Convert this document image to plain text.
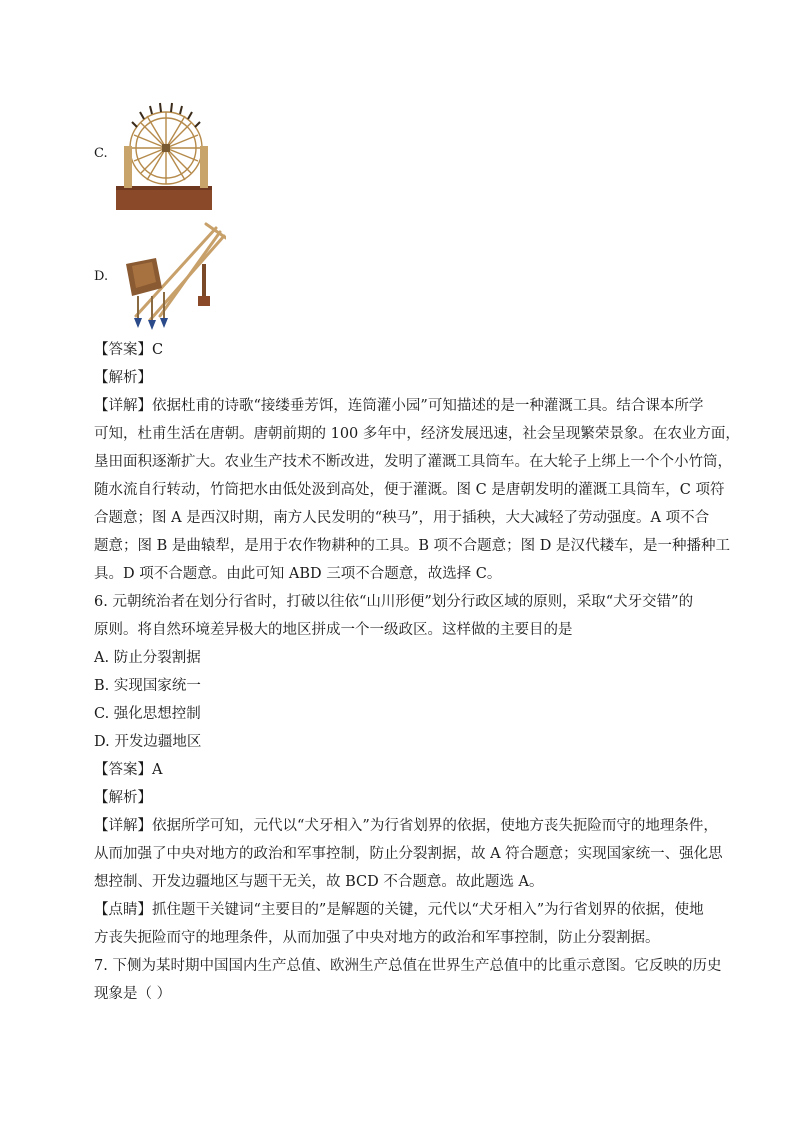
C.
D.
【答案】C
【解析】
【详解】依据杜甫的诗歌“接缕垂芳饵，连筒灌小园”可知描述的是一种灌溉工具。结合课本所学
可知，杜甫生活在唐朝。唐朝前期的 100 多年中，经济发展迅速，社会呈现繁荣景象。在农业方面，
垦田面积逐渐扩大。农业生产技术不断改进，发明了灌溉工具筒车。在大轮子上绑上一个个小竹筒，
随水流自行转动，竹筒把水由低处汲到高处，便于灌溉。图 C 是唐朝发明的灌溉工具筒车，C 项符
合题意；图 A 是西汉时期，南方人民发明的“秧马”，用于插秧，大大减轻了劳动强度。A 项不合
题意；图 B 是曲辕犁，是用于农作物耕种的工具。B 项不合题意；图 D 是汉代耧车，是一种播种工
具。D 项不合题意。由此可知 ABD 三项不合题意，故选择 C。
6. 元朝统治者在划分行省时，打破以往依“山川形便”划分行政区域的原则，采取“犬牙交错”的
原则。将自然环境差异极大的地区拼成一个一级政区。这样做的主要目的是
A. 防止分裂割据
B. 实现国家统一
C. 强化思想控制
D. 开发边疆地区
【答案】A
【解析】
【详解】依据所学可知，元代以“犬牙相入”为行省划界的依据，使地方丧失扼险而守的地理条件，
从而加强了中央对地方的政治和军事控制，防止分裂割据，故 A 符合题意；实现国家统一、强化思
想控制、开发边疆地区与题干无关，故 BCD 不合题意。故此题选 A。
【点睛】抓住题干关键词“主要目的”是解题的关键，元代以“犬牙相入”为行省划界的依据，使地
方丧失扼险而守的地理条件，从而加强了中央对地方的政治和军事控制，防止分裂割据。
7. 下侧为某时期中国国内生产总值、欧洲生产总值在世界生产总值中的比重示意图。它反映的历史
现象是（ ）
